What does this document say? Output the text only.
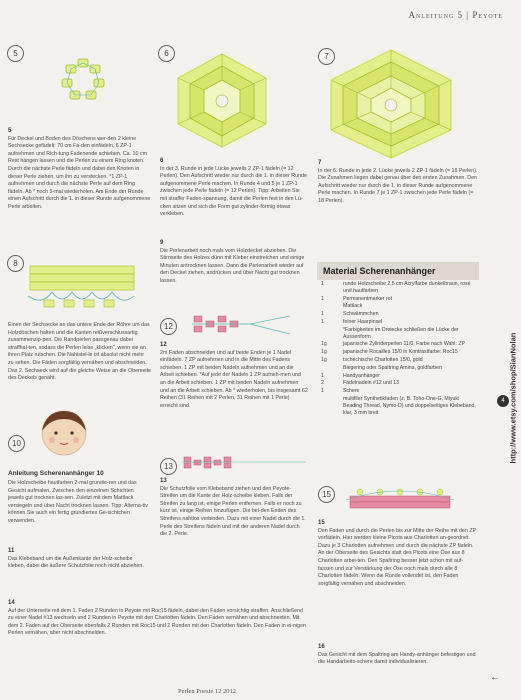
Anleitung 5 | Peyote
5	6	7
8
10
12
13
15
5
Für Deckel und Boden des Döschens wer-den 2 kleine Sechsecke gefädelt: 70 cm Fa-den einfädeln, 6 ZP-1 aufnehmen und Rich-tung Fadenende schieben. Ca. 10 cm Rest hängen lassen und die Perlen zu einem Ring knoten. Durch die nächste Perle fädeln und dabei den Knoten in dieser Perle ziehen, um ihn zu verstecken. *1 ZP-1 aufnehmen und durch die nächste Perle auf dem Ring fädeln. Ab * noch 5-mal wiederholen. Am Ende der Runde einen Aufschritt durch die 1. in dieser Runde aufgenommene Perle arbeiten.
Einen der Sechsecke an das untere Ende der Röhre um das Holzdöschen halten und die Kanten reißverschlussartig zusammenzip-pen. Die Randperlen passgenau dabei straffhal-ten, sodass die Perlen leise „klicken", wenn sie an ihren Platz rutschen. Die Nahtstel-le ist absolut nicht mehr zu sehen. Die Fäden sorgfältig vernähen und abschneiden. Das 2. Sechseck wird auf die gleiche Weise an die Oberseite des Deckels genäht.
Anleitung Scherenanhänger 10
Die Holzscheibe hautfarben 2-mal grundie-ren und das Gesicht aufmalen. Zwischen den einzelnen Schichten jeweils gut trocknen las-sen. Zuletzt mit dem Mattlack versiegeln und über Nacht trocknen lassen. Tipp: Alterna-tiv können Sie auch ein fertig grundiertes Ge-sichtchen verwenden.
11
Das Klebeband um die Außenkante der Holz-scheibe kleben, dabei die äußere Schutzfolie noch nicht abziehen.
6
In der 3. Runde in jede Lücke jeweils 2 ZP-1 fädeln (= 12 Perlen). Den Aufschritt wieder nur durch die 1. in dieser Runde aufgenommene Perle machen. In Runde 4 und 5 je 1 ZP-1 zwischen jede Perle fädeln (= 12 Perlen). Tipp: Arbeiten Sie mit straffer Faden-spannung, damit die Perlen fest in den Lü-cken sitzen und sich die Form gut zylinder-förmig etwas verkleben.
9
Die Perlenarbeit noch mals vom Holzdeckel abziehen. Die Stirnseite des Holzes dünn mit Kleber einstreichen und einige Minuten antrocknen lassen. Dann die Perlenarbeit wieder auf den Deckel ziehen, andrücken und über Nacht gut trocknen lassen.
12
2m Faden abschneiden und auf beide Enden je 1 Nadel einfädeln. 7 ZP aufnehmen und in die Mitte des Fadens schieben. 1 ZP mit beiden Nadeln aufnehmen und an die Arbeit schieben. *Auf jede der Nadeln 1 ZP aufneh-men und an die Arbeit schieben. 1 ZP mit beiden Nadeln aufnehmen und an die Arbeit schieben. Ab * wiederholen, bis insgesamt 62 Reihen (31 Reihen mit 2 Perlen, 31 Reihen mit 1 Perle) erreicht sind.
13
Die Schutzfolie vom Klebeband ziehen und den Peyote-Streifen um die Kante der Holz-scheibe kleben. Falls der Streifen zu lang ist, einige Perlen entfernen. Falls er noch zu kurz ist, einige Reihen hinzufügen. Die bei-den Enden des Streifens nahtlos verbinden. Dazu mit einer Nadel durch die 1. Perle des Streifens fädeln und mit der anderen Nadel durch die 2. Perle.
7
In der 6. Runde in jede 2. Lücke jeweils 2 ZP-1 fädeln (= 18 Perlen). Die Zunahmen liegen dabei genau über den ersten Zunahmen. Den Aufschritt wieder nur durch die 1. in dieser Runde aufgenommene Perle machen. In Runde 7 je 1 ZP-1 zwischen jede Perle fädeln (= 18 Perlen).
Material Scherenanhänger
1	runde Holzscheibe 2,5 cm Acrylfarbe dunkelbraun, rosé und hautfarben
1	Permanentmarker rot
Mattlack
1	Schwämmchen
1	feiner Haarpinsel
*Farbigkeiten im Dreiecke schließen die Lücke der Aussenform
1g	japanische Zylinderperlen 11/0, Farbe nach Wahl: ZP
1g	japanische Rocailles 15/0 in Kontrastfarbe: Roc15
1g	tschechische Charlotten 15/0, gold
Biegering oder Spaltring Amina, goldfarben
1	Handyanhänger
2	Fädelnadeln #12 und 13
1	Schere
multifiler Synthetikfaden (z. B. Toho-One-G, Miyuki Beading Thread, Nymo-D) und doppelseitiges Klebeband, klar, 3 mm breit
14
Auf der Unterseite mit dem 1. Faden 2 Runden in Peyote mit Roc15 fädeln, dabei den Faden vorsichtig straffen. Anschließend zu einer Nadel #13 wechseln und 2 Runden in Peyote mit den Charlotten fädeln. Den Faden vernähen und abschneiden. Mit dem 2. Faden auf der Oberseite ebenfalls 2 Runden mit Roc15 und 2 Runden mit den Charlotten fädeln. Den Faden in ei-nigen Perlen vernähen, aber nicht abschneiden.
15
Den Faden und durch die Perlen bis zur Mitte der Reihe mit den ZP vorfädeln. Hier werden kleine Picots aus Charlotten an-geordnet. Dazu je 3 Charlotten aufnehmen und durch die nächste ZP fädeln. An der Oberseite des Gesichts statt des Picots eine Öse aus 8 Charlotten arbei-ten. Den Spaltring besser jetzt schon mit auf-fassen und zur Verstärkung der Öse noch mals durch alle 8 Charlotten fädeln. Wenn die Runde vollendet ist, den Faden sorgfältig vernähen und abschneiden.
16
Das Gesicht mit dem Spaltring am Handy-anhänger befestigen und die Handarbeits-schere damit individualisieren.
http://www.etsy.com/shop/SianNolan
4
Perlen Poesie 12 2012
←
